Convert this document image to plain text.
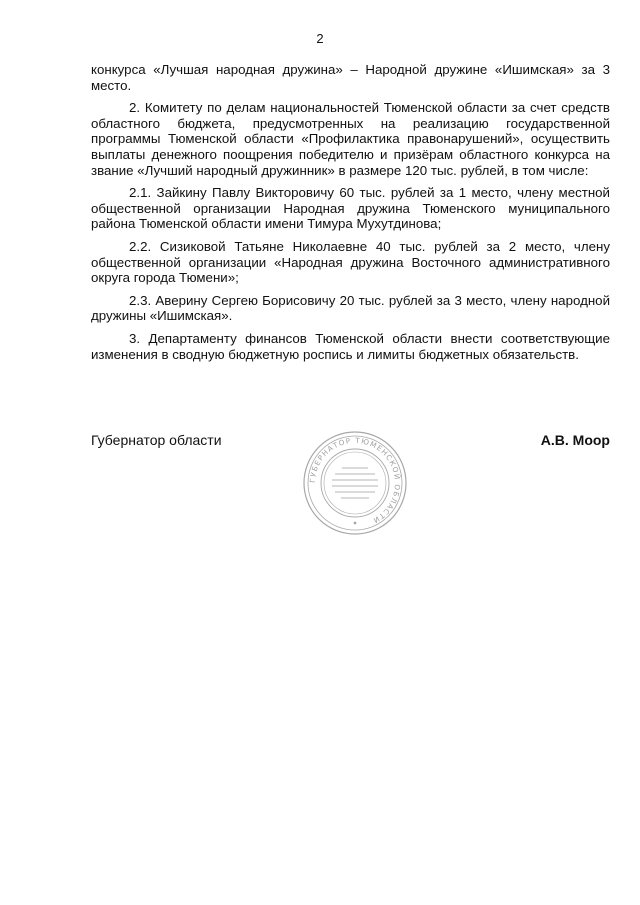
2

конкурса «Лучшая народная дружина» – Народной дружине «Ишимская» за 3 место.

2. Комитету по делам национальностей Тюменской области за счет средств областного бюджета, предусмотренных на реализацию государственной программы Тюменской области «Профилактика правонарушений», осуществить выплаты денежного поощрения победителю и призёрам областного конкурса на звание «Лучший народный дружинник» в размере 120 тыс. рублей, в том числе:

2.1. Зайкину Павлу Викторовичу 60 тыс. рублей за 1 место, члену местной общественной организации Народная дружина Тюменского муниципального района Тюменской области имени Тимура Мухутдинова;

2.2. Сизиковой Татьяне Николаевне 40 тыс. рублей за 2 место, члену общественной организации «Народная дружина Восточного административного округа города Тюмени»;

2.3. Аверину Сергею Борисовичу 20 тыс. рублей за 3 место, члену народной дружины «Ишимская».

3. Департаменту финансов Тюменской области внести соответствующие изменения в сводную бюджетную роспись и лимиты бюджетных обязательств.

Губернатор области	А.В. Моор
ГУБЕРНАТОР ТЮМЕНСКОЙ ОБЛАСТИ
